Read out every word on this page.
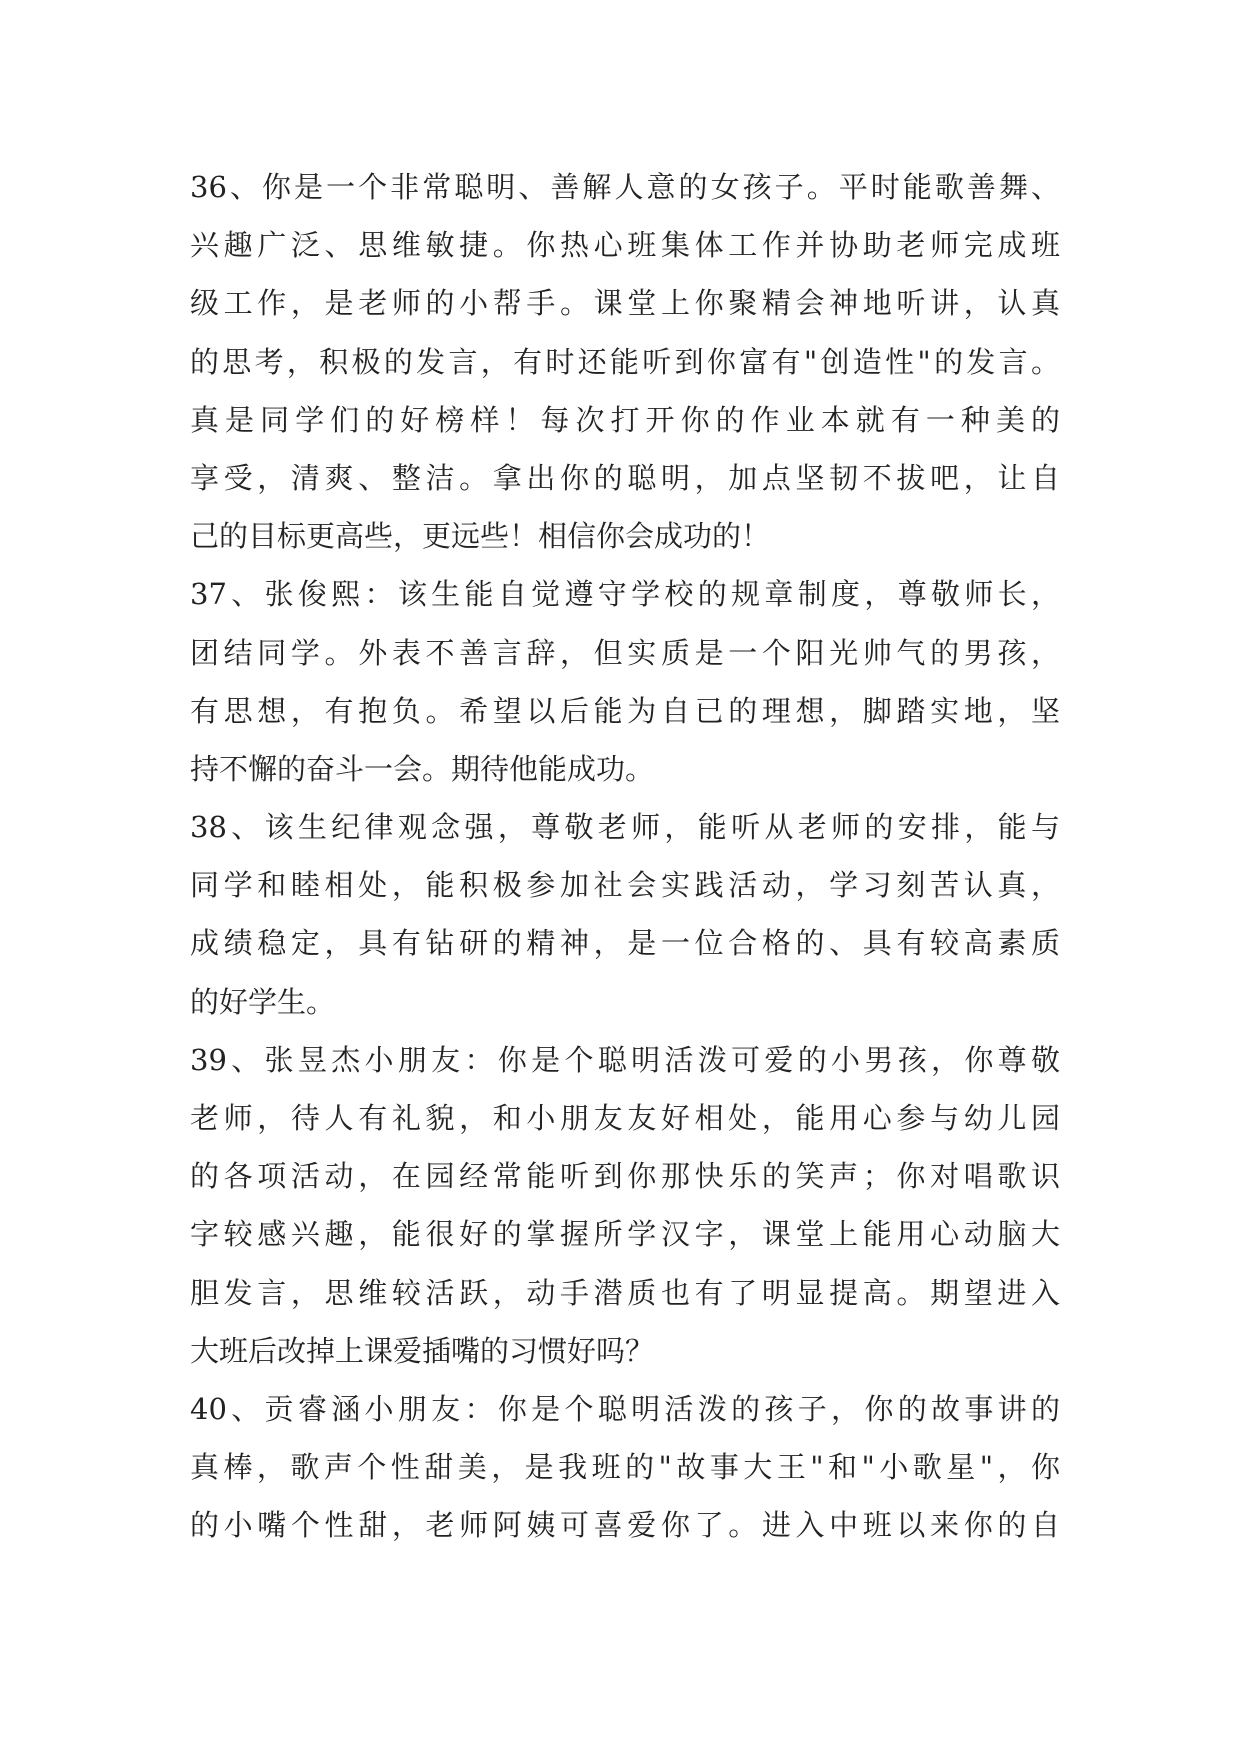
36、你是一个非常聪明、善解人意的女孩子。平时能歌善舞、
兴趣广泛、思维敏捷。你热心班集体工作并协助老师完成班
级工作，是老师的小帮手。课堂上你聚精会神地听讲，认真
的思考，积极的发言，有时还能听到你富有"创造性"的发言。
真是同学们的好榜样！每次打开你的作业本就有一种美的
享受，清爽、整洁。拿出你的聪明，加点坚韧不拔吧，让自
己的目标更高些，更远些！相信你会成功的！
37、张俊熙：该生能自觉遵守学校的规章制度，尊敬师长，
团结同学。外表不善言辞，但实质是一个阳光帅气的男孩，
有思想，有抱负。希望以后能为自已的理想，脚踏实地，坚
持不懈的奋斗一会。期待他能成功。
38、该生纪律观念强，尊敬老师，能听从老师的安排，能与
同学和睦相处，能积极参加社会实践活动，学习刻苦认真，
成绩稳定，具有钻研的精神，是一位合格的、具有较高素质
的好学生。
39、张昱杰小朋友：你是个聪明活泼可爱的小男孩，你尊敬
老师，待人有礼貌，和小朋友友好相处，能用心参与幼儿园
的各项活动，在园经常能听到你那快乐的笑声；你对唱歌识
字较感兴趣，能很好的掌握所学汉字，课堂上能用心动脑大
胆发言，思维较活跃，动手潜质也有了明显提高。期望进入
大班后改掉上课爱插嘴的习惯好吗？
40、贡睿涵小朋友：你是个聪明活泼的孩子，你的故事讲的
真棒，歌声个性甜美，是我班的"故事大王"和"小歌星"，你
的小嘴个性甜，老师阿姨可喜爱你了。进入中班以来你的自
